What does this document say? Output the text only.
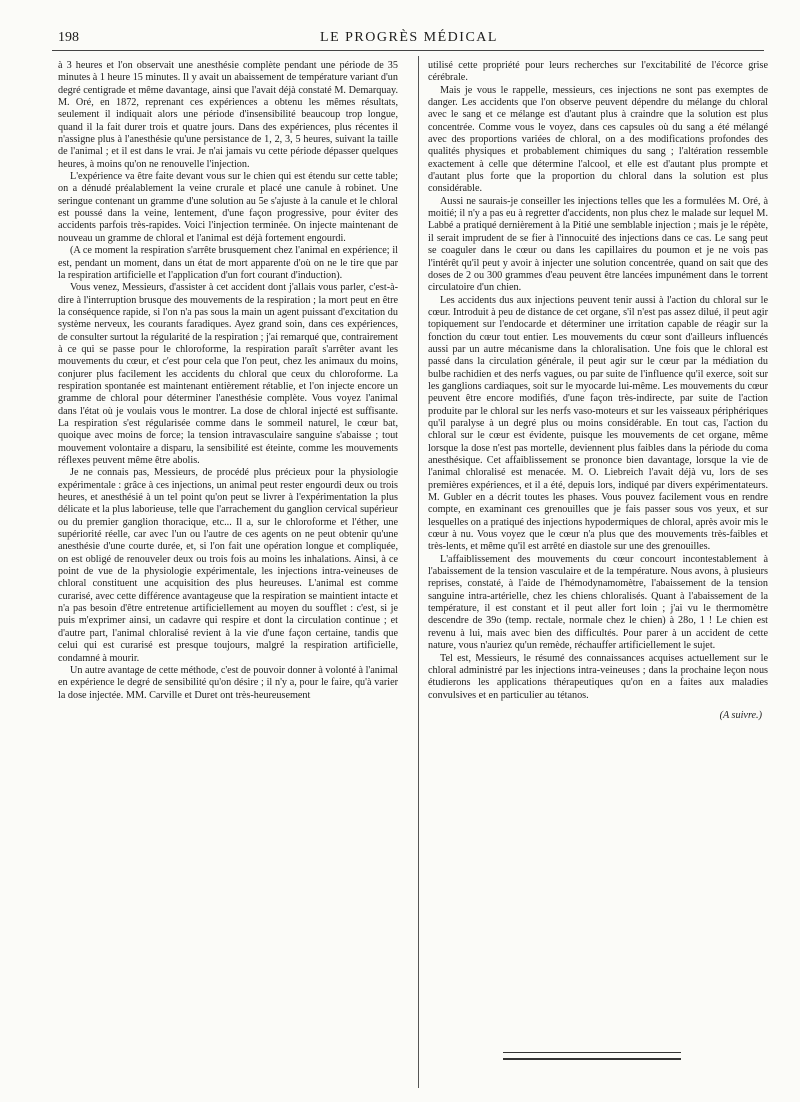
198	LE PROGRÈS MÉDICAL

à 3 heures et l'on observait une anesthésie complète pendant une période de 35 minutes à 1 heure 15 minutes. Il y avait un abaissement de température variant d'un degré centigrade et même davantage, ainsi que l'avait déjà constaté M. Demarquay. M. Oré, en 1872, reprenant ces expériences a obtenu les mêmes résultats, seulement il indiquait alors une période d'insensibilité beaucoup trop longue, quand il la fait durer trois et quatre jours. Dans des expériences, plus récentes il n'assigne plus à l'anesthésie qu'une persistance de 1, 2, 3, 5 heures, suivant la taille de l'animal ; et il est dans le vrai. Je n'ai jamais vu cette période dépasser quelques heures, à moins qu'on ne renouvelle l'injection.

L'expérience va être faite devant vous sur le chien qui est étendu sur cette table; on a dénudé préalablement la veine crurale et placé une canule à robinet. Une seringue contenant un gramme d'une solution au 5e s'ajuste à la canule et le chloral est poussé dans la veine, lentement, d'une façon progressive, pour éviter des accidents parfois très-rapides. Voici l'injection terminée. On injecte maintenant de nouveau un gramme de chloral et l'animal est déjà fortement engourdi.

(A ce moment la respiration s'arrête brusquement chez l'animal en expérience; il est, pendant un moment, dans un état de mort apparente d'où on ne le tire que par la respiration artificielle et l'application d'un fort courant d'induction).

Vous venez, Messieurs, d'assister à cet accident dont j'allais vous parler, c'est-à-dire à l'interruption brusque des mouvements de la respiration ; la mort peut en être la conséquence rapide, si l'on n'a pas sous la main un agent puissant d'excitation du système nerveux, les courants faradiques. Ayez grand soin, dans ces expériences, de consulter surtout la régularité de la respiration ; j'ai remarqué que, contrairement à ce qui se passe pour le chloroforme, la respiration paraît s'arrêter avant les mouvements du cœur, et c'est pour cela que l'on peut, chez les animaux du moins, conjurer plus facilement les accidents du chloral que ceux du chloroforme. La respiration spontanée est maintenant entièrement rétablie, et l'on injecte encore un gramme de chloral pour déterminer l'anesthésie complète. Vous voyez l'animal dans l'état où je voulais vous le montrer. La dose de chloral injecté est suffisante. La respiration s'est régularisée comme dans le sommeil naturel, le cœur bat, quoique avec moins de force; la tension intravasculaire sanguine s'abaisse ; tout mouvement volontaire a disparu, la sensibilité est éteinte, comme les mouvements réflexes peuvent même être abolis.

Je ne connais pas, Messieurs, de procédé plus précieux pour la physiologie expérimentale : grâce à ces injections, un animal peut rester engourdi deux ou trois heures, et anesthésié à un tel point qu'on peut se livrer à l'expérimentation la plus délicate et la plus laborieuse, telle que l'arrachement du ganglion cervical supérieur ou du premier ganglion thoracique, etc... Il a, sur le chloroforme et l'éther, une supériorité réelle, car avec l'un ou l'autre de ces agents on ne peut obtenir qu'une anesthésie d'une courte durée, et, si l'on fait une opération longue et compliquée, on est obligé de renouveler deux ou trois fois au moins les inhalations. Ainsi, à ce point de vue de la physiologie expérimentale, les injections intra-veineuses de chloral constituent une acquisition des plus heureuses. L'animal est comme curarisé, avec cette différence avantageuse que la respiration se maintient intacte et n'a pas besoin d'être entretenue artificiellement au moyen du soufflet : c'est, si je puis m'exprimer ainsi, un cadavre qui respire et dont la circulation continue ; et d'autre part, l'animal chloralisé revient à la vie d'une façon certaine, tandis que celui qui est curarisé est presque toujours, malgré la respiration artificielle, condamné à mourir.

Un autre avantage de cette méthode, c'est de pouvoir donner à volonté à l'animal en expérience le degré de sensibilité qu'on désire ; il n'y a, pour le faire, qu'à varier la dose injectée. MM. Carville et Duret ont très-heureusement

utilisé cette propriété pour leurs recherches sur l'excitabilité de l'écorce grise cérébrale.

Mais je vous le rappelle, messieurs, ces injections ne sont pas exemptes de danger. Les accidents que l'on observe peuvent dépendre du mélange du chloral avec le sang et ce mélange est d'autant plus à craindre que la solution est plus concentrée. Comme vous le voyez, dans ces capsules où du sang a été mélangé avec des proportions variées de chloral, on a des modifications profondes des qualités physiques et probablement chimiques du sang ; l'altération ressemble exactement à celle que détermine l'alcool, et elle est d'autant plus prompte et d'autant plus forte que la proportion du chloral dans la solution est plus considérable.

Aussi ne saurais-je conseiller les injections telles que les a formulées M. Oré, à moitié; il n'y a pas eu à regretter d'accidents, non plus chez le malade sur lequel M. Labbé a pratiqué dernièrement à la Pitié une semblable injection ; mais je le répète, il serait imprudent de se fier à l'innocuité des injections dans ce cas. Le sang peut se coaguler dans le cœur ou dans les capillaires du poumon et je ne vois pas l'intérêt qu'il peut y avoir à injecter une solution concentrée, quand on sait que des doses de 2 ou 300 grammes d'eau peuvent être lancées impunément dans le torrent circulatoire d'un chien.

Les accidents dus aux injections peuvent tenir aussi à l'action du chloral sur le cœur. Introduit à peu de distance de cet organe, s'il n'est pas assez dilué, il peut agir topiquement sur l'endocarde et déterminer une irritation capable de réagir sur la fonction du cœur tout entier. Les mouvements du cœur sont d'ailleurs influencés aussi par un autre mécanisme dans la chloralisation. Une fois que le chloral est passé dans la circulation générale, il peut agir sur le cœur par la médiation du bulbe rachidien et des nerfs vagues, ou par suite de l'influence qu'il exerce, soit sur les ganglions cardiaques, soit sur le myocarde lui-même. Les mouvements du cœur peuvent être encore modifiés, d'une façon très-indirecte, par suite de l'action produite par le chloral sur les nerfs vaso-moteurs et sur les vaisseaux périphériques qu'il paralyse à un degré plus ou moins considérable. En tout cas, l'action du chloral sur le cœur est évidente, puisque les mouvements de cet organe, même lorsque la dose n'est pas mortelle, deviennent plus faibles dans la période du coma anesthésique. Cet affaiblissement se prononce bien davantage, lorsque la vie de l'animal chloralisé est menacée. M. O. Liebreich l'avait déjà vu, lors de ses premières expériences, et il a été, depuis lors, indiqué par divers expérimentateurs. M. Gubler en a décrit toutes les phases. Vous pouvez facilement vous en rendre compte, en examinant ces grenouilles que je fais passer sous vos yeux, et sur lesquelles on a pratiqué des injections hypodermiques de chloral, après avoir mis le cœur à nu. Vous voyez que le cœur n'a plus que des mouvements très-faibles et très-lents, et même qu'il est arrêté en diastole sur une des grenouilles.

L'affaiblissement des mouvements du cœur concourt incontestablement à l'abaissement de la tension vasculaire et de la température. Nous avons, à plusieurs reprises, constaté, à l'aide de l'hémodynamomètre, l'abaissement de la tension sanguine intra-artérielle, chez les chiens chloralisés. Quant à l'abaissement de la température, il est constant et il peut aller fort loin ; j'ai vu le thermomètre descendre de 39o (temp. rectale, normale chez le chien) à 28o, 1 ! Le chien est revenu à lui, mais avec bien des difficultés. Pour parer à un accident de cette nature, vous n'auriez qu'un remède, réchauffer artificiellement le sujet.

Tel est, Messieurs, le résumé des connaissances acquises actuellement sur le chloral administré par les injections intra-veineuses ; dans la prochaine leçon nous étudierons les applications thérapeutiques qu'on en a faites aux maladies convulsives et en particulier au tétanos.

(A suivre.)
